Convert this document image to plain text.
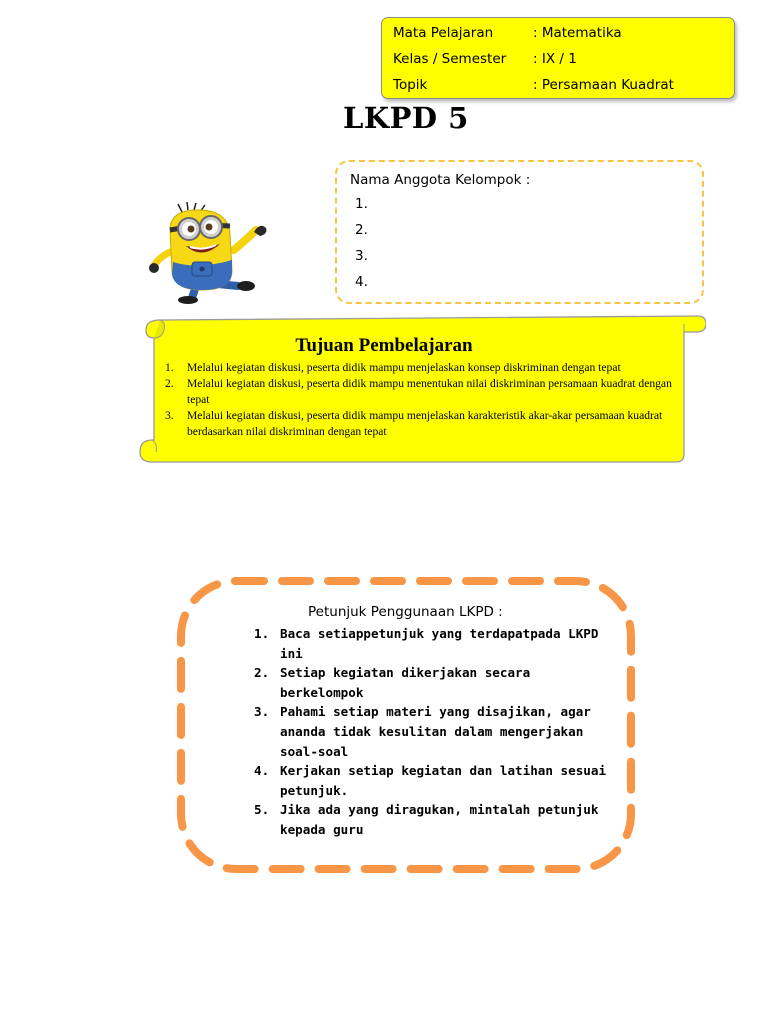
Mata Pelajaran	: Matematika
Kelas / Semester : IX / 1
Topik	: Persamaan Kuadrat
LKPD 5
Nama Anggota Kelompok :
1.
2.
3.
4.
Tujuan Pembelajaran
1. Melalui kegiatan diskusi, peserta didik mampu menjelaskan konsep diskriminan dengan tepat
2. Melalui kegiatan diskusi, peserta didik mampu menentukan nilai diskriminan persamaan kuadrat dengan tepat
3. Melalui kegiatan diskusi, peserta didik mampu menjelaskan karakteristik akar-akar persamaan kuadrat berdasarkan nilai diskriminan dengan tepat
Petunjuk Penggunaan LKPD :
1. Baca setiappetunjuk yang terdapatpada LKPD ini
2. Setiap kegiatan dikerjakan secara berkelompok
3. Pahami setiap materi yang disajikan, agar ananda tidak kesulitan dalam mengerjakan soal-soal
4. Kerjakan setiap kegiatan dan latihan sesuai petunjuk.
5. Jika ada yang diragukan, mintalah petunjuk kepada guru
